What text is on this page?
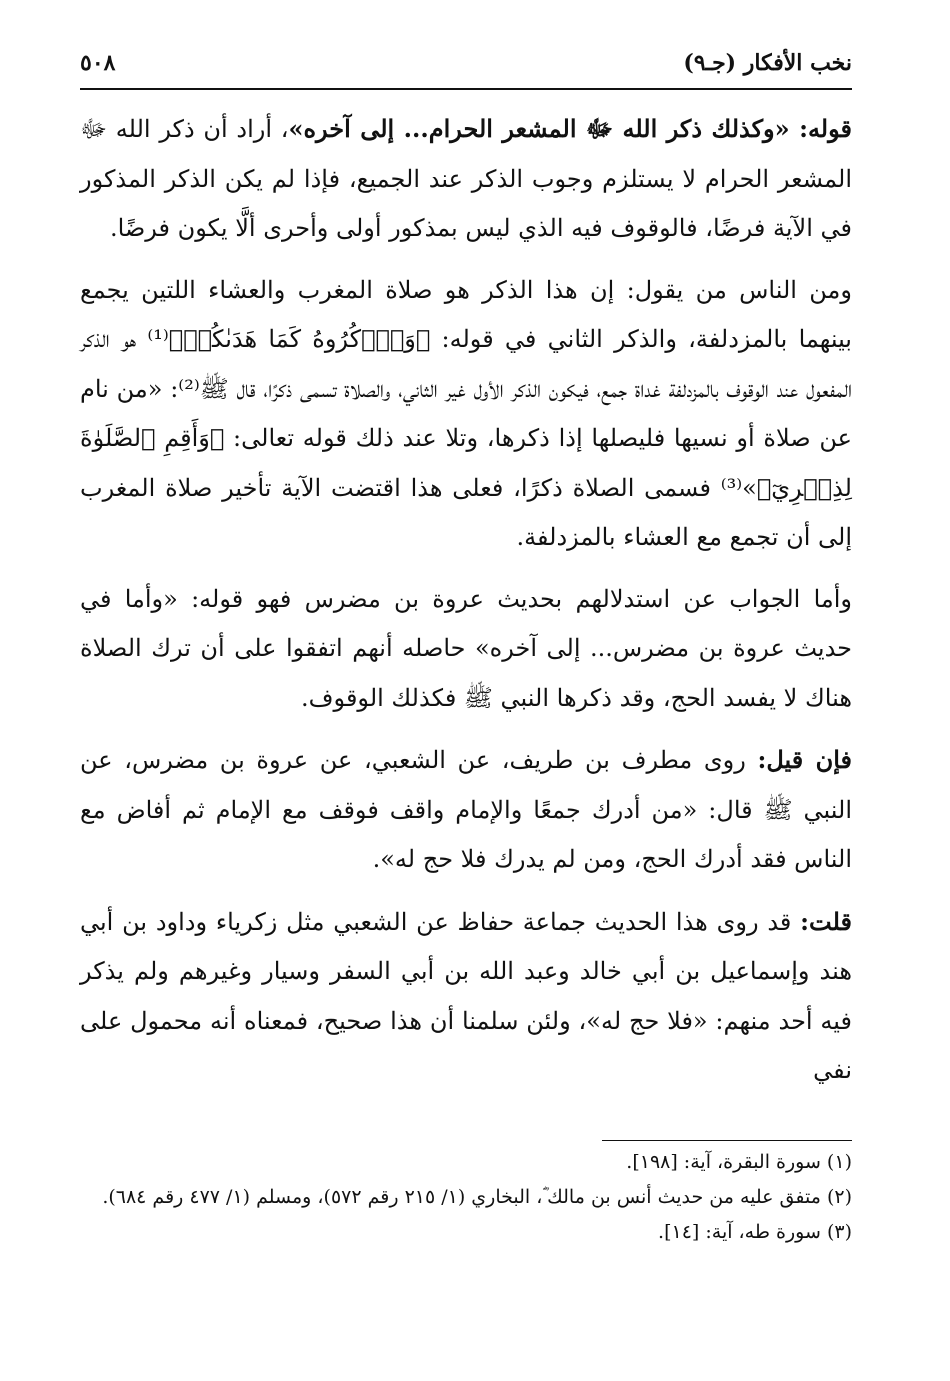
نخب الأفكار (جـ٩)
٥٠٨

قوله: «وكذلك ذكر الله ﷻ المشعر الحرام... إلى آخره»، أراد أن ذكر الله ﷻ المشعر الحرام لا يستلزم وجوب الذكر عند الجميع، فإذا لم يكن الذكر المذكور في الآية فرضًا، فالوقوف فيه الذي ليس بمذكور أولى وأحرى ألَّا يكون فرضًا.

ومن الناس من يقول: إن هذا الذكر هو صلاة المغرب والعشاء اللتين يجمع بينهما بالمزدلفة، والذكر الثاني في قوله: ﴿وَٱذۡكُرُوهُ كَمَا هَدَىٰكُمۡ﴾⁽¹⁾ هو الذكر المفعول عند الوقوف بالمزدلفة غداة جمع، فيكون الذكر الأول غير الثاني، والصلاة تسمى ذكرًا، قال ﷺ⁽²⁾: «من نام عن صلاة أو نسيها فليصلها إذا ذكرها، وتلا عند ذلك قوله تعالى: ﴿وَأَقِمِ ٱلصَّلَوٰةَ لِذِكۡرِيٓ﴾»⁽³⁾ فسمى الصلاة ذكرًا، فعلى هذا اقتضت الآية تأخير صلاة المغرب إلى أن تجمع مع العشاء بالمزدلفة.

وأما الجواب عن استدلالهم بحديث عروة بن مضرس فهو قوله: «وأما في حديث عروة بن مضرس... إلى آخره» حاصله أنهم اتفقوا على أن ترك الصلاة هناك لا يفسد الحج، وقد ذكرها النبي ﷺ فكذلك الوقوف.

فإن قيل: روى مطرف بن طريف، عن الشعبي، عن عروة بن مضرس، عن النبي ﷺ قال: «من أدرك جمعًا والإمام واقف فوقف مع الإمام ثم أفاض مع الناس فقد أدرك الحج، ومن لم يدرك فلا حج له».

قلت: قد روى هذا الحديث جماعة حفاظ عن الشعبي مثل زكرياء وداود بن أبي هند وإسماعيل بن أبي خالد وعبد الله بن أبي السفر وسيار وغيرهم ولم يذكر فيه أحد منهم: «فلا حج له»، ولئن سلمنا أن هذا صحيح، فمعناه أنه محمول على نفي

(١) سورة البقرة، آية: [١٩٨].

(٢) متفق عليه من حديث أنس بن مالك ؓ، البخاري (١/ ٢١٥ رقم ٥٧٢)، ومسلم (١/ ٤٧٧ رقم ٦٨٤).

(٣) سورة طه، آية: [١٤].
